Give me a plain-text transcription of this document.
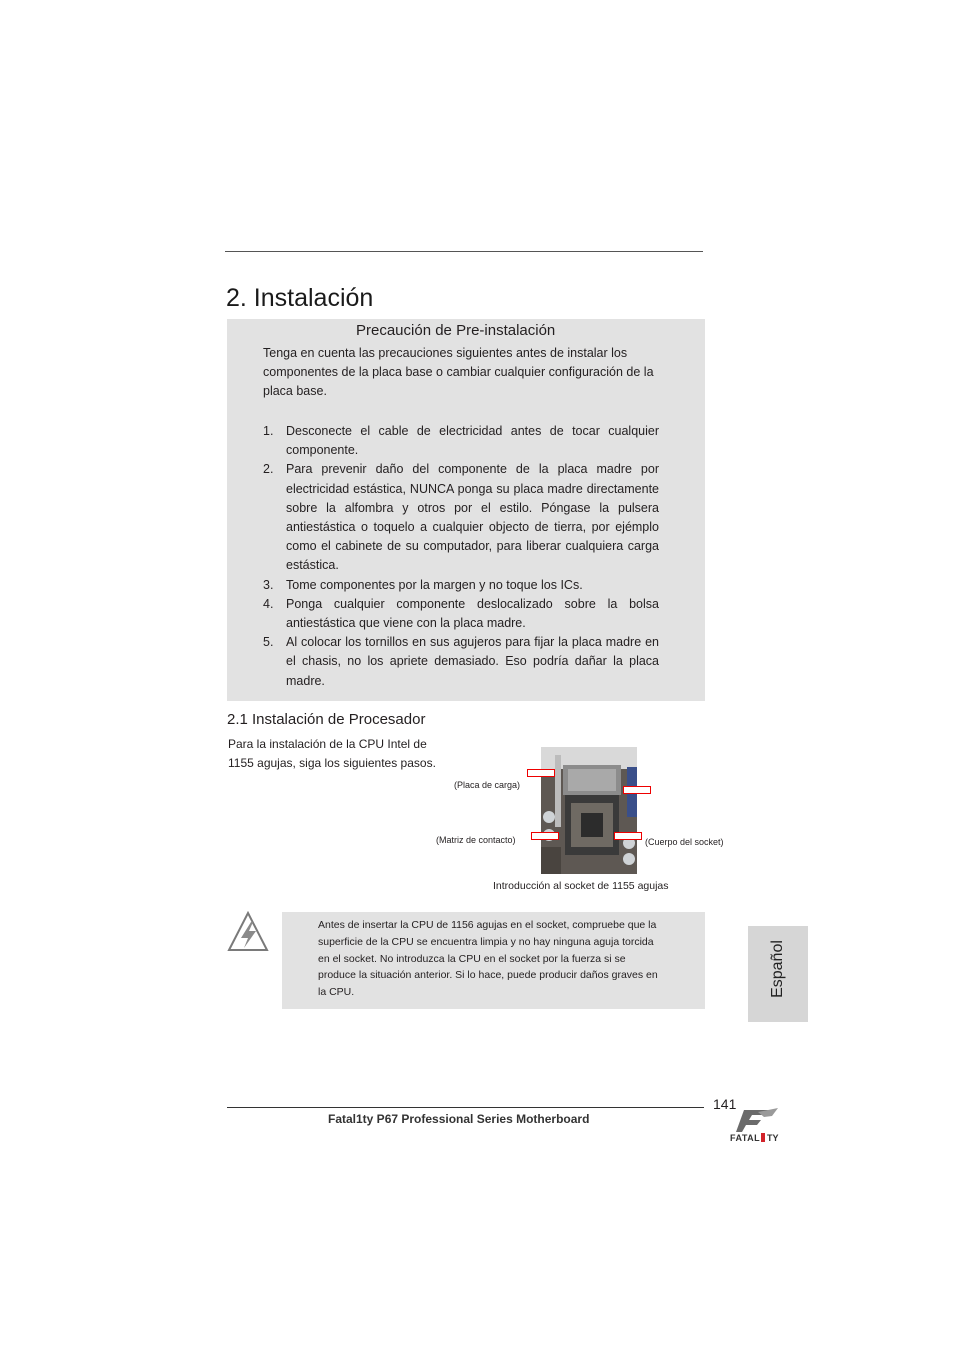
2. Instalación
Precaución de Pre-instalación
Tenga en cuenta las precauciones siguientes antes de instalar los componentes de la placa base o cambiar cualquier configuración de la placa base.
1. Desconecte el cable de electricidad antes de tocar cualquier componente.
2. Para prevenir daño del componente de la placa madre por electricidad estástica, NUNCA ponga su placa madre directamente sobre la alfombra y otros por el estilo. Póngase la pulsera antiestástica o toquelo a cualquier objecto de tierra, por ejémplo como el cabinete de su computador, para liberar cualquiera carga estástica.
3. Tome componentes por la margen y no toque los ICs.
4. Ponga cualquier componente deslocalizado sobre la bolsa antiestástica que viene con la placa madre.
5. Al colocar los tornillos en sus agujeros para fijar la placa madre en el chasis, no los apriete demasiado. Eso podría dañar la placa madre.
2.1 Instalación de Procesador
Para la instalación de la CPU Intel de 1155 agujas, siga los siguientes pasos.
(Placa de carga)
(Matriz de contacto)	(Cuerpo del socket)
Introducción al socket de 1155 agujas
Antes de insertar la CPU de 1156 agujas en el socket, compruebe que la superficie de la CPU se encuentra limpia y no hay ninguna aguja torcida en el socket. No introduzca la CPU en el socket por la fuerza si se produce la situación anterior. Si lo hace, puede producir daños graves en la CPU.	Español
141
Fatal1ty P67 Professional Series Motherboard
FATAL TY
